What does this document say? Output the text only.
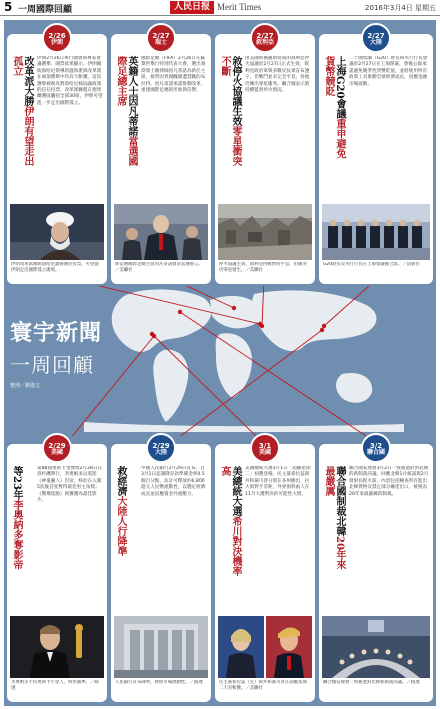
5 一周國際回顧	人民日报 Merit Times	2016年3月4日 星期五
寰宇新聞
一周回顧
整理／劉逸文
2/26
伊朗
改革派大勝伊朗有望走出孤立	伊朗2月26日舉行國會與專家會議選舉，開票結果顯示，伊朗總統魯哈尼領導的溫和派與改革派在兩項選舉中均有大斬獲。這次選舉被視為對魯哈尼核協議政策的信任投票，改革派聯盟在德黑蘭選區囊括全部30席，伊朗可望進一步走出國際孤立。
伊朗改革派總統魯哈尼讚揚選民投票，可望使伊朗走出國際孤立處境。
2/27
瑞士
英籍人士因凡蒂諾當選國際足總主席	國際足總（FIFA）2月26日在蘇黎世舉行特別代表大會，選出義裔瑞士籍律師因凡蒂諾為新任主席，接替因貪腐醜聞遭禁職的布拉特。因凡蒂諾承諾推動改革，重建國際足總的形象與信譽。
新當選國際足總主席因凡蒂諾發表當選感言。／美聯社
2/27
敘利亞
敘停火協議生效零星衝突不斷	由美國和俄羅斯促成的敘利亞停火協議於2月27日正式生效，敘利亞政府軍與多數反抗軍宣布遵守，但戰鬥並未完全平息，各地仍傳出零星衝突。聯合國表示將持續監督停火情況。
停火協議生效，敘利亞內戰暫時平息，但衝突仍零星發生。／美聯社
2/27
大陸
上海G20會議重申避免貨幣競貶	二十國集團（G20）財長和央行行長會議於2月27日在上海閉幕，會後公報承諾避免競爭性貨幣貶值，並將使用所有政策工具推動全球經濟成長，因應金融市場波動。
G20財長及央行行長在上海會議後合影。／法新社
2/29
美國
等23年李奧納多奪影帝
第88屆奧斯卡金像獎2月28日在洛杉磯舉行，李奧納多以電影《神鬼獵人》封帝，終於在入圍5次後首度奪得最佳男主角獎；《驚爆焦點》則獲選為最佳影片。
李奧納多手持奧斯卡小金人，終於圓夢。／路透
2/29
大陸
救經濟大陸人行降準
中國人民銀行2月29日宣布，自3月1日起調降存款準備金率0.5個百分點，估計可釋放約6,800億元人民幣流動性，以穩定經濟成長並因應資金外流壓力。
人民銀行宣布降準，釋放市場流動性。／路透
3/1
美國
美總統大選希川對決機率高	美國總統大選3月1日「超級星期二」初選登場，民主黨希拉蕊與共和黨川普分別在多州勝出，拉大與對手差距，外界預料兩人在11月大選對決的可能性大增。
民主黨希拉蕊（左）與共和黨川普在超級星期二大有斬獲。／美聯社
3/2
聯合國
聯合國制裁北韓20年來最嚴厲	聯合國安理會3月2日一致通過針對北韓的新制裁決議，回應北韓1月核試與2月發射長程火箭，內容包括檢查所有進出北韓貨物及禁止部分礦產出口，被視為20年來最嚴厲的制裁。
聯合國安理會一致通過對北韓新制裁決議。／路透
